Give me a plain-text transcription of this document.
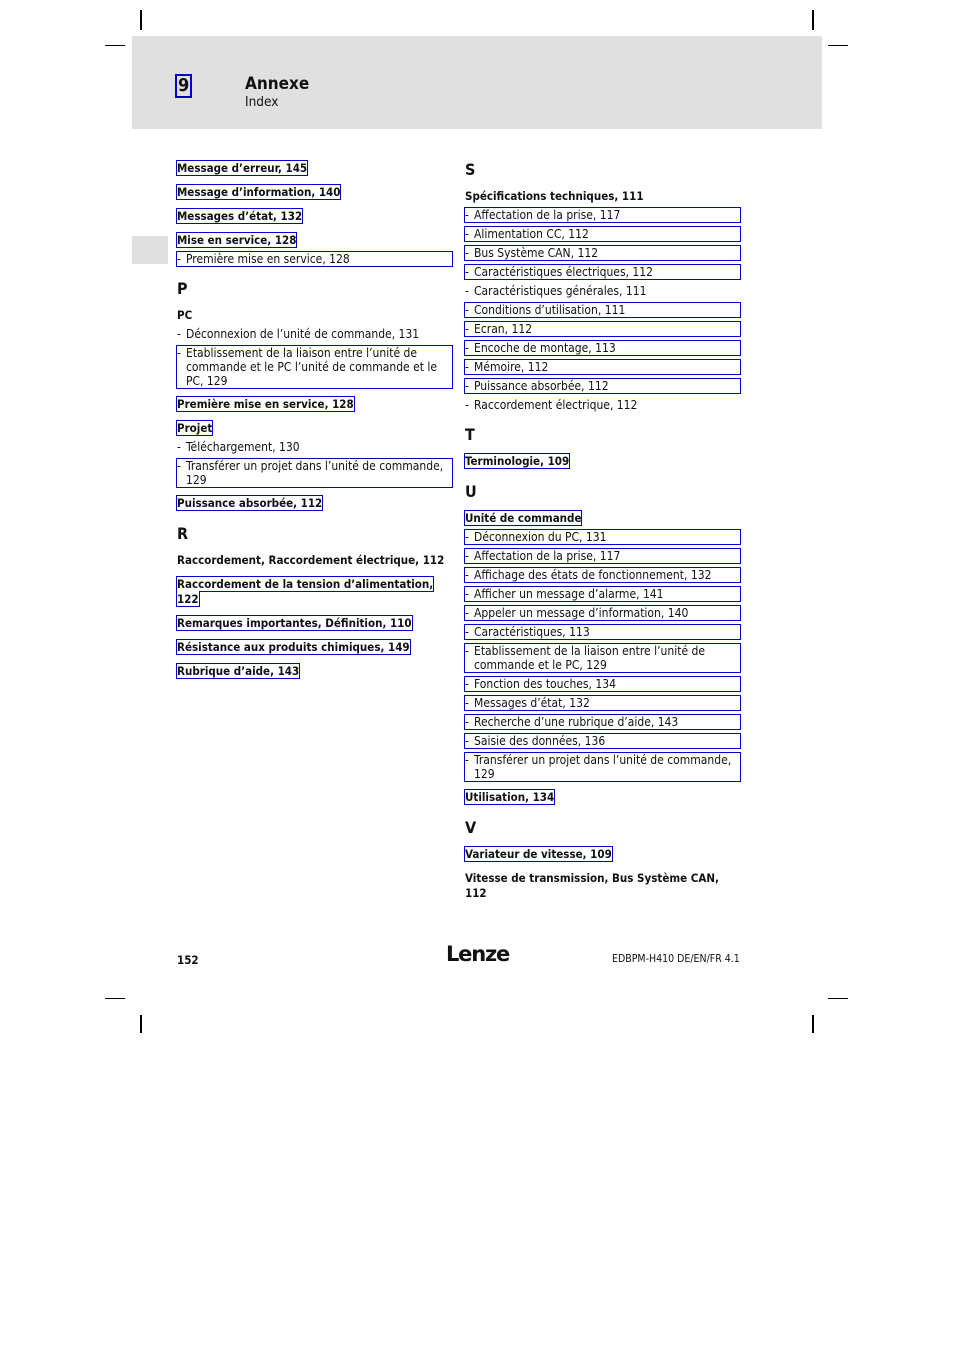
9	Annexe
Index
Message d’erreur, 145
Message d’information, 140
Messages d’état, 132
Mise en service, 128
- Première mise en service, 128
P
PC
- Déconnexion de l’unité de commande, 131
- Etablissement de la liaison entre l’unité de commande et le PC l’unité de commande et le PC, 129
Première mise en service, 128
Projet
- Téléchargement, 130
- Transférer un projet dans l’unité de commande, 129
Puissance absorbée, 112
R
Raccordement, Raccordement électrique, 112
Raccordement de la tension d’alimentation, 122
Remarques importantes, Définition, 110
Résistance aux produits chimiques, 149
Rubrique d’aide, 143
S
Spécifications techniques, 111
- Affectation de la prise, 117
- Alimentation CC, 112
- Bus Système CAN, 112
- Caractéristiques électriques, 112
- Caractéristiques générales, 111
- Conditions d’utilisation, 111
- Ecran, 112
- Encoche de montage, 113
- Mémoire, 112
- Puissance absorbée, 112
- Raccordement électrique, 112
T
Terminologie, 109
U
Unité de commande
- Déconnexion du PC, 131
- Affectation de la prise, 117
- Affichage des états de fonctionnement, 132
- Afficher un message d’alarme, 141
- Appeler un message d’information, 140
- Caractéristiques, 113
- Etablissement de la liaison entre l’unité de commande et le PC, 129
- Fonction des touches, 134
- Messages d’état, 132
- Recherche d’une rubrique d’aide, 143
- Saisie des données, 136
- Transférer un projet dans l’unité de commande, 129
Utilisation, 134
V
Variateur de vitesse, 109
Vitesse de transmission, Bus Système CAN, 112
152	Lenze	EDBPM-H410 DE/EN/FR 4.1
